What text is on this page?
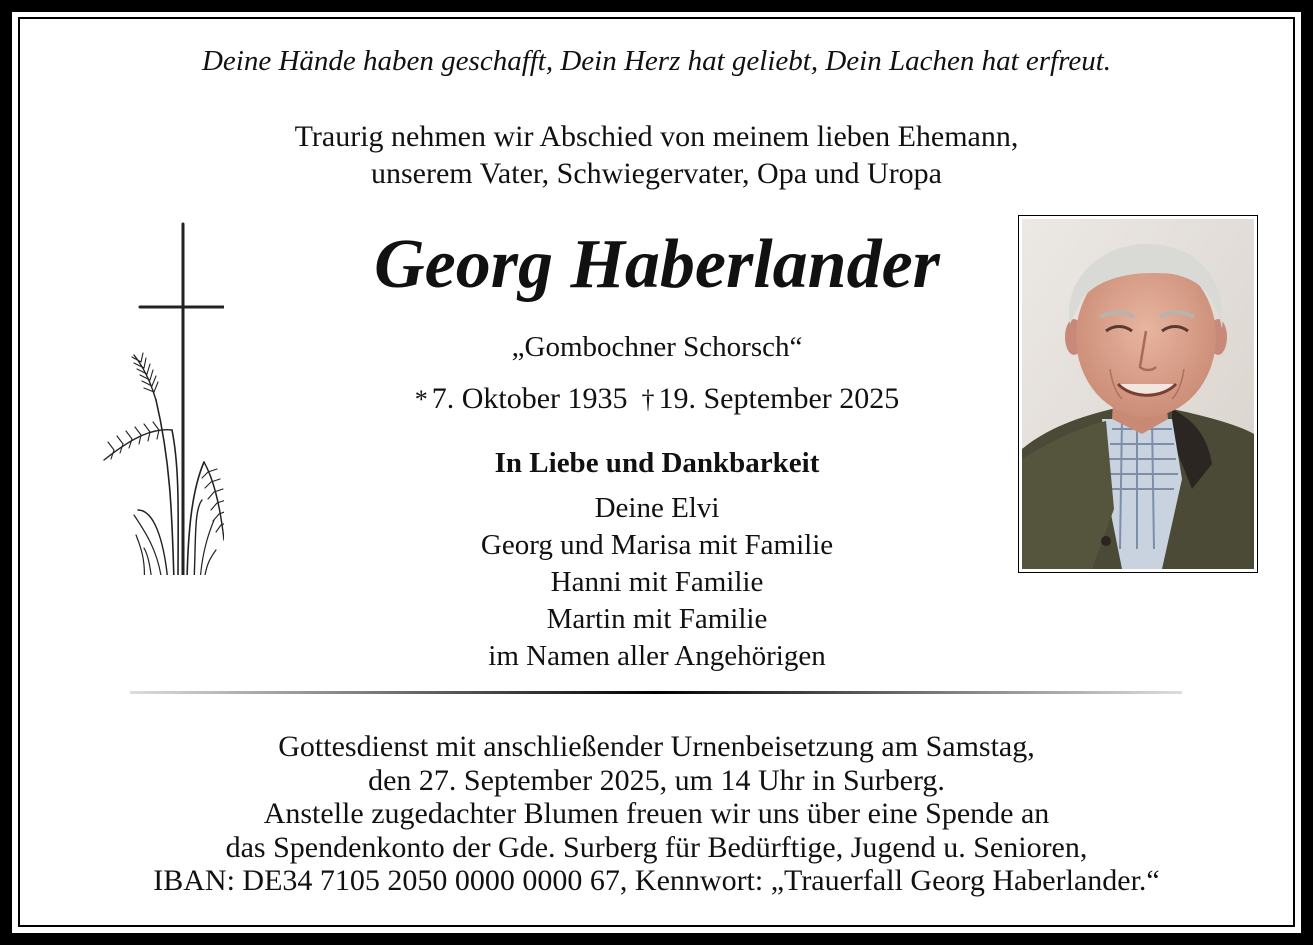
Deine Hände haben geschafft, Dein Herz hat geliebt, Dein Lachen hat erfreut.
Traurig nehmen wir Abschied von meinem lieben Ehemann,
unserem Vater, Schwiegervater, Opa und Uropa
Georg Haberlander
„Gombochner Schorsch“
* 7. Oktober 1935 † 19. September 2025
In Liebe und Dankbarkeit
Deine Elvi
Georg und Marisa mit Familie
Hanni mit Familie
Martin mit Familie
im Namen aller Angehörigen
Gottesdienst mit anschließender Urnenbeisetzung am Samstag,
den 27. September 2025, um 14 Uhr in Surberg.
Anstelle zugedachter Blumen freuen wir uns über eine Spende an
das Spendenkonto der Gde. Surberg für Bedürftige, Jugend u. Senioren,
IBAN: DE34 7105 2050 0000 0000 67, Kennwort: „Trauerfall Georg Haberlander.“
